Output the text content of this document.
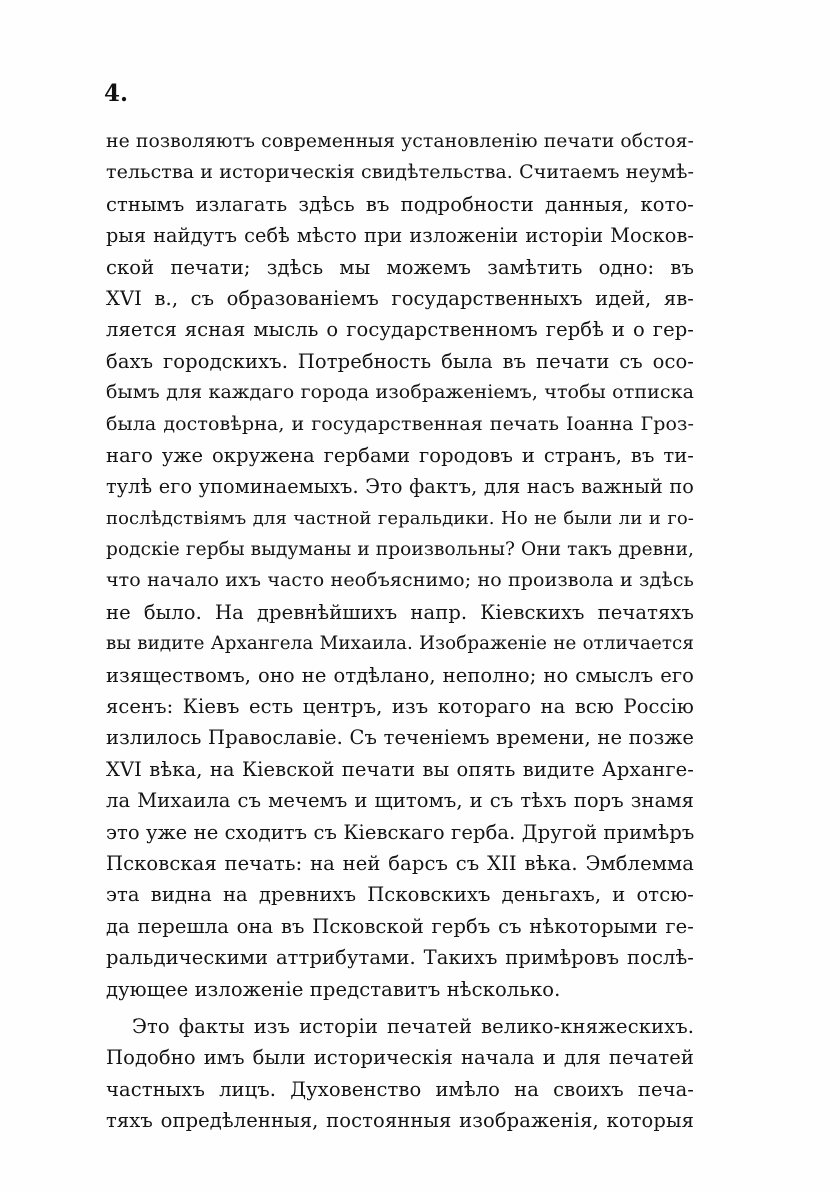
4.
не позволяютъ современныя установленію печати обстоя-
тельства и историческія свидѣтельства. Считаемъ неумѣ-
стнымъ излагать здѣсь въ подробности данныя, кото-
рыя найдутъ себѣ мѣсто при изложеніи исторіи Москов-
ской печати; здѣсь мы можемъ замѣтить одно: въ
XVI в., съ образованіемъ государственныхъ идей, яв-
ляется ясная мысль о государственномъ гербѣ и о гер-
бахъ городскихъ. Потребность была въ печати съ осо-
бымъ для каждаго города изображеніемъ, чтобы отписка
была достовѣрна, и государственная печать Іоанна Гроз-
наго уже окружена гербами городовъ и странъ, въ ти-
тулѣ его упоминаемыхъ. Это фактъ, для насъ важный по
послѣдствіямъ для частной геральдики. Но не были ли и го-
родскіе гербы выдуманы и произвольны? Они такъ древни,
что начало ихъ часто необъяснимо; но произвола и здѣсь
не было. На древнѣйшихъ напр. Кіевскихъ печатяхъ
вы видите Архангела Михаила. Изображеніе не отличается
изяществомъ, оно не отдѣлано, неполно; но смыслъ его
ясенъ: Кіевъ есть центръ, изъ котораго на всю Россію
излилось Православіе. Съ теченіемъ времени, не позже
XVI вѣка, на Кіевской печати вы опять видите Арханге-
ла Михаила съ мечемъ и щитомъ, и съ тѣхъ поръ знамя
это уже не сходитъ съ Кіевскаго герба. Другой примѣръ
Псковская печать: на ней барсъ съ XII вѣка. Эмблемма
эта видна на древнихъ Псковскихъ деньгахъ, и отсю-
да перешла она въ Псковской гербъ съ нѣкоторыми ге-
ральдическими аттрибутами. Такихъ примѣровъ послѣ-
дующее изложеніе представитъ нѣсколько.
Это факты изъ исторіи печатей велико-княжескихъ.
Подобно имъ были историческія начала и для печатей
частныхъ лицъ. Духовенство имѣло на своихъ печа-
тяхъ опредѣленныя, постоянныя изображенія, которыя
